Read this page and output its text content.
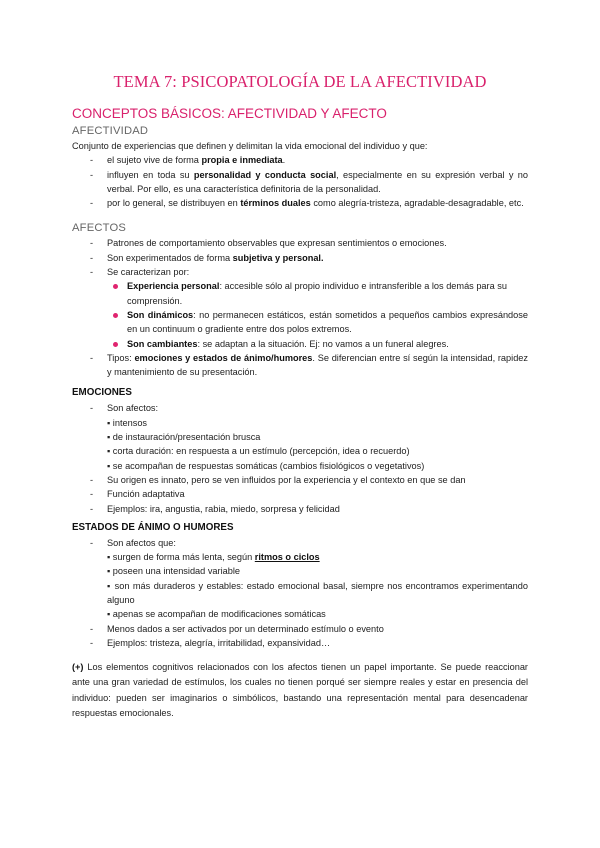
TEMA 7: PSICOPATOLOGÍA DE LA AFECTIVIDAD
CONCEPTOS BÁSICOS: AFECTIVIDAD Y AFECTO
AFECTIVIDAD

Conjunto de experiencias que definen y delimitan la vida emocional del individuo y que:

- el sujeto vive de forma propia e inmediata.
- influyen en toda su personalidad y conducta social, especialmente en su expresión verbal y no verbal. Por ello, es una característica definitoria de la personalidad.
- por lo general, se distribuyen en términos duales como alegría-tristeza, agradable-desagradable, etc.
AFECTOS
- Patrones de comportamiento observables que expresan sentimientos o emociones.
- Son experimentados de forma subjetiva y personal.
- Se caracterizan por:
Experiencia personal: accesible sólo al propio individuo e intransferible a los demás para su comprensión.
Son dinámicos: no permanecen estáticos, están sometidos a pequeños cambios expresándose en un continuum o gradiente entre dos polos extremos.
Son cambiantes: se adaptan a la situación. Ej: no vamos a un funeral alegres.
- Tipos: emociones y estados de ánimo/humores. Se diferencian entre sí según la intensidad, rapidez y mantenimiento de su presentación.
EMOCIONES
- Son afectos:
▪ intensos
▪ de instauración/presentación brusca
▪ corta duración: en respuesta a un estímulo (percepción, idea o recuerdo)
▪ se acompañan de respuestas somáticas (cambios fisiológicos o vegetativos)
- Su origen es innato, pero se ven influidos por la experiencia y el contexto en que se dan
- Función adaptativa
- Ejemplos: ira, angustia, rabia, miedo, sorpresa y felicidad
ESTADOS DE ÁNIMO O HUMORES
- Son afectos que:
▪ surgen de forma más lenta, según ritmos o ciclos
▪ poseen una intensidad variable
▪ son más duraderos y estables: estado emocional basal, siempre nos encontramos experimentando alguno
▪ apenas se acompañan de modificaciones somáticas
- Menos dados a ser activados por un determinado estímulo o evento
- Ejemplos: tristeza, alegría, irritabilidad, expansividad…

(+) Los elementos cognitivos relacionados con los afectos tienen un papel importante. Se puede reaccionar ante una gran variedad de estímulos, los cuales no tienen porqué ser siempre reales y estar en presencia del individuo: pueden ser imaginarios o simbólicos, bastando una representación mental para desencadenar respuestas emocionales.
